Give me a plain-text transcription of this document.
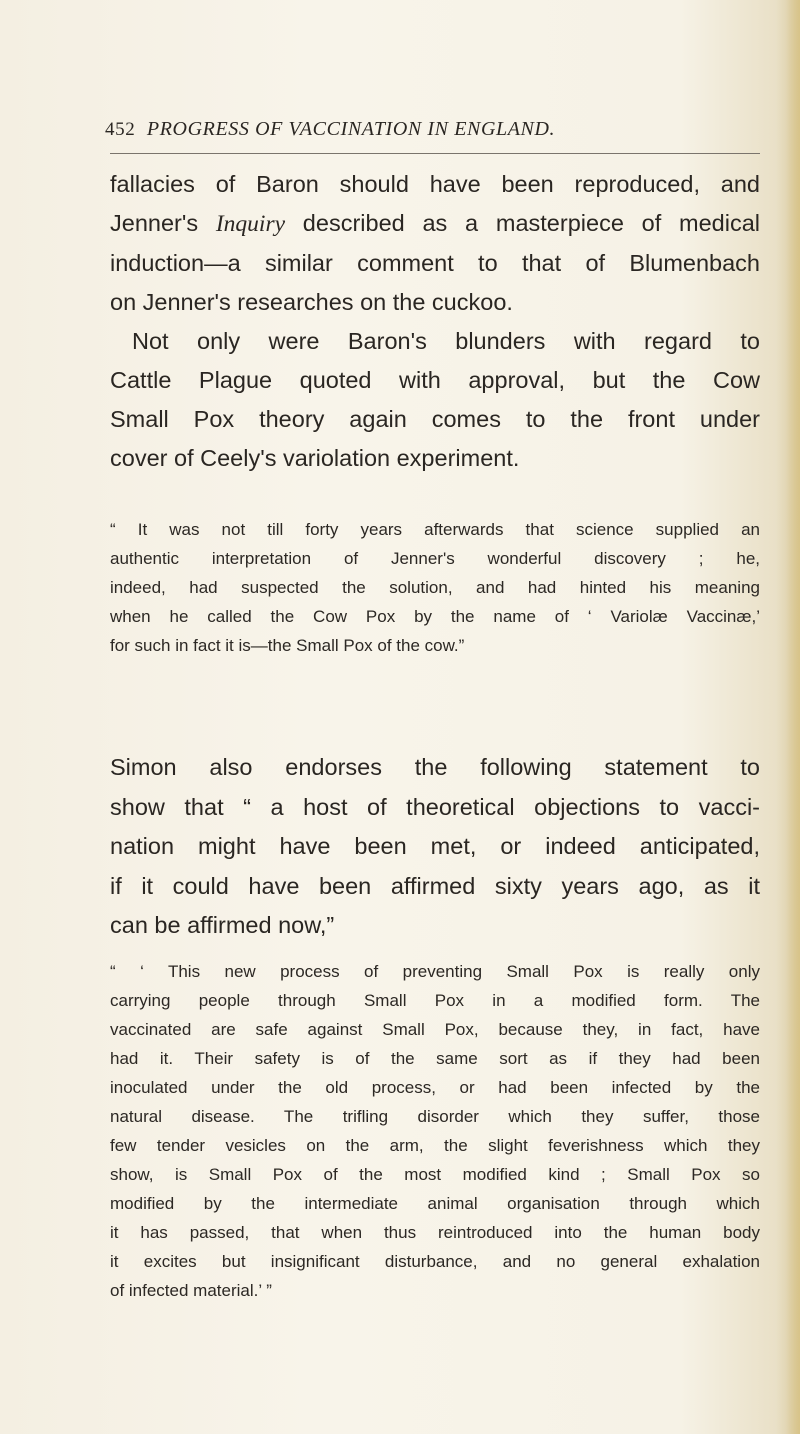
452 PROGRESS OF VACCINATION IN ENGLAND.
fallacies of Baron should have been reproduced, and
Jenner's Inquiry described as a masterpiece of medical
induction—a similar comment to that of Blumenbach
on Jenner's researches on the cuckoo.
Not only were Baron's blunders with regard to
Cattle Plague quoted with approval, but the Cow
Small Pox theory again comes to the front under
cover of Ceely's variolation experiment.
“ It was not till forty years afterwards that science supplied an
authentic interpretation of Jenner's wonderful discovery ; he,
indeed, had suspected the solution, and had hinted his meaning
when he called the Cow Pox by the name of ‘ Variolæ Vaccinæ,’
for such in fact it is—the Small Pox of the cow.”
Simon also endorses the following statement to
show that “ a host of theoretical objections to vacci-
nation might have been met, or indeed anticipated,
if it could have been affirmed sixty years ago, as it
can be affirmed now,”
“ ‘ This new process of preventing Small Pox is really only
carrying people through Small Pox in a modified form. The
vaccinated are safe against Small Pox, because they, in fact, have
had it. Their safety is of the same sort as if they had been
inoculated under the old process, or had been infected by the
natural disease. The trifling disorder which they suffer, those
few tender vesicles on the arm, the slight feverishness which they
show, is Small Pox of the most modified kind ; Small Pox so
modified by the intermediate animal organisation through which
it has passed, that when thus reintroduced into the human body
it excites but insignificant disturbance, and no general exhalation
of infected material.’ ”
